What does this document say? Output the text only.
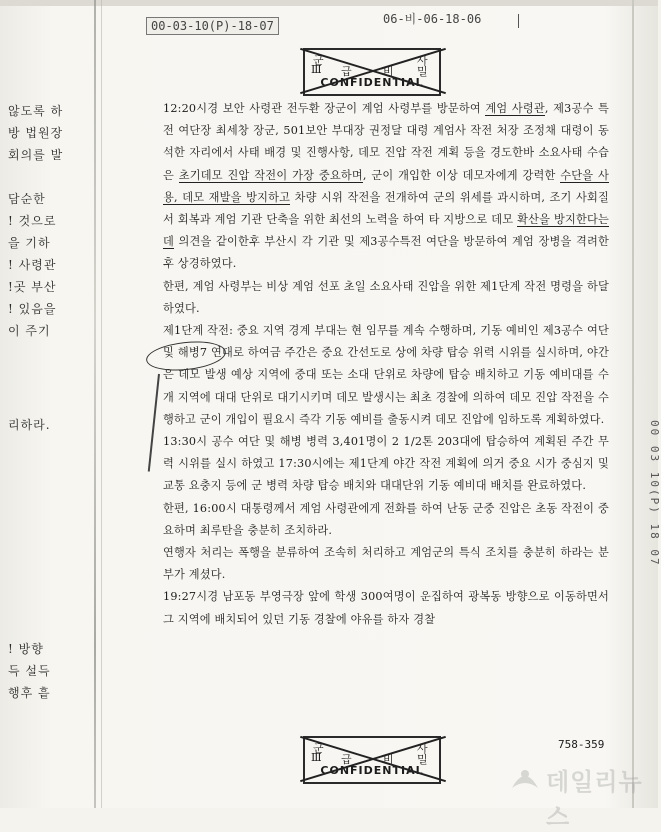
00-03-10(P)-18-07	06-비-06-18-06
않도록 하
방 법원장
회의를 발
담순한
! 것으로
을 기하
! 사령관
!곳 부산
! 있음을
이 주기
리하라.
! 방향
득 설득
행후 흩
군	사
Ⅲ 급	비 밀
CONFIDENTIAL

12:20시경 보안 사령관 전두환 장군이 계엄 사령부를 방문하여 계엄 사령관, 제3공수 특전 여단장 최세창 장군, 501보안 부대장 권정달 대령 계엄사 작전 처장 조정채 대령이 동석한 자리에서 사태 배경 및 진행사항, 데모 진압 작전 계획 등을 경도한바 소요사태 수습은 초기데모 진압 작전이 가장 중요하며, 군이 개입한 이상 데모자에게 강력한 수단을 사용, 데모 재발을 방지하고 차량 시위 작전을 전개하여 군의 위세를 과시하며, 조기 사회질서 회복과 계엄 기관 단축을 위한 최선의 노력을 하여 타 지방으로 데모 확산을 방지한다는데 의견을 같이한후 부산시 각 기관 및 제3공수특전 여단을 방문하여 계엄 장병을 격려한후 상경하였다.

한편, 계엄 사령부는 비상 계엄 선포 초일 소요사태 진압을 위한 제1단계 작전 명령을 하달하였다.

제1단계 작전: 중요 지역 경계 부대는 현 임무를 계속 수행하며, 기동 예비인 제3공수 여단 및 해병7 연대로 하여금 주간은 중요 간선도로 상에 차량 탑승 위력 시위를 실시하며, 야간은 데모 발생 예상 지역에 중대 또는 소대 단위로 차량에 탑승 배치하고 기동 예비대를 수개 지역에 대대 단위로 대기시키며 데모 발생시는 최초 경찰에 의하여 데모 진압 작전을 수행하고 군이 개입이 필요시 즉각 기동 예비를 출동시켜 데모 진압에 임하도록 계획하였다.

13:30시 공수 여단 및 해병 병력 3,401명이 2 1/2톤 203대에 탑승하여 계획된 주간 무력 시위를 실시 하였고 17:30시에는 제1단계 야간 작전 계획에 의거 중요 시가 중심지 및 교통 요충지 등에 군 병력 차량 탑승 배치와 대대단위 기동 예비대 배치를 완료하였다.

한편, 16:00시 대통령께서 계엄 사령관에게 전화를 하여 난동 군중 진압은 초동 작전이 중요하며 최루탄을 충분히 조치하라.

연행자 처리는 폭행을 분류하여 조속히 처리하고 계엄군의 특식 조치를 충분히 하라는 분부가 계셨다.

19:27시경 남포동 부영극장 앞에 학생 300여명이 운집하여 광복동 방향으로 이동하면서 그 지역에 배치되어 있던 기동 경찰에 야유를 하자 경찰

군	사
Ⅲ 급	비 밀
CONFIDENTIAL
758-359
00 03 10(P) 18 07
데일리뉴스
